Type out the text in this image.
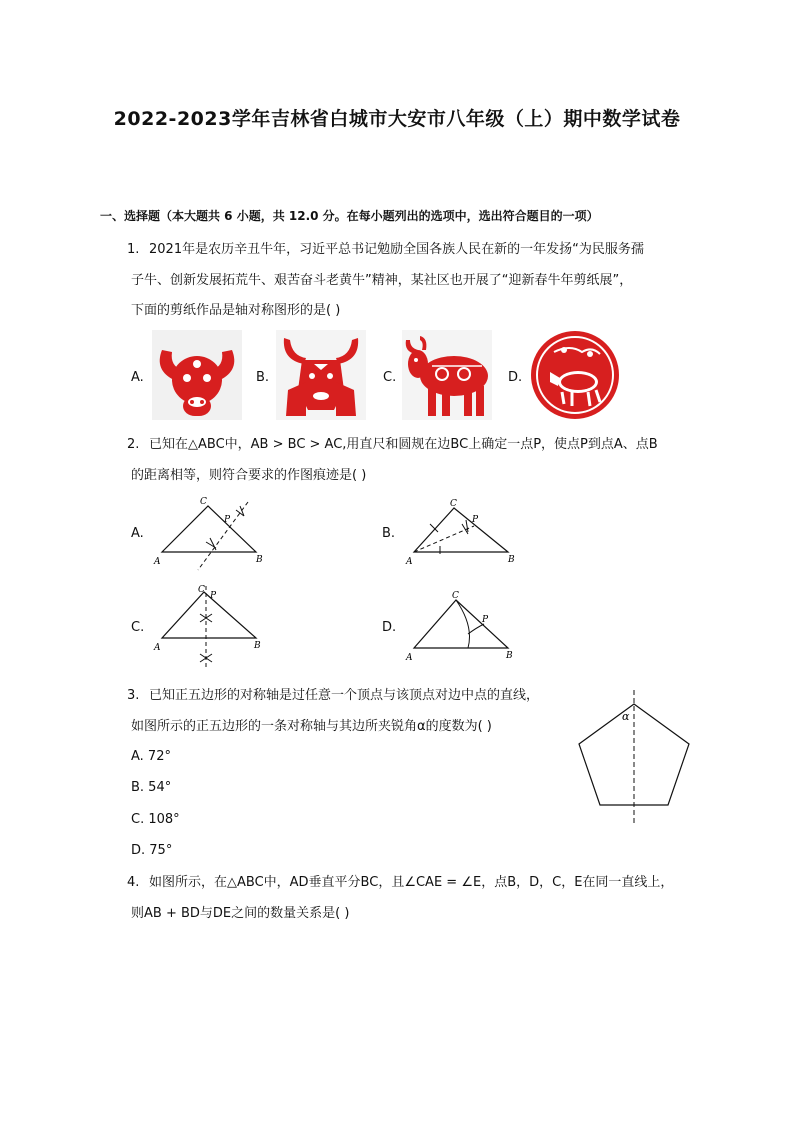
2022-2023学年吉林省白城市大安市八年级（上）期中数学试卷
一、选择题（本大题共 6 小题，共 12.0 分。在每小题列出的选项中，选出符合题目的一项）
1. 2021年是农历辛丑牛年，习近平总书记勉励全国各族人民在新的一年发扬“为民服务孺
子牛、创新发展拓荒牛、艰苦奋斗老黄牛”精神，某社区也开展了“迎新春牛年剪纸展”，
下面的剪纸作品是轴对称图形的是( )
A.	B.	C.	D.
2. 已知在△ABC中，AB > BC > AC,用直尺和圆规在边BC上确定一点P，使点P到点A、点B
的距离相等，则符合要求的作图痕迹是( )
A.
A	B
C
P
B.
A	B
C
P
C.
A	B
C
P
D.
A	B
C
P
3. 已知正五边形的对称轴是过任意一个顶点与该顶点对边中点的直线，
如图所示的正五边形的一条对称轴与其边所夹锐角α的度数为( )
A. 72°
B. 54°
C. 108°
D. 75°
α
4. 如图所示，在△ABC中，AD垂直平分BC，且∠CAE = ∠E，点B，D，C，E在同一直线上，
则AB + BD与DE之间的数量关系是( )
